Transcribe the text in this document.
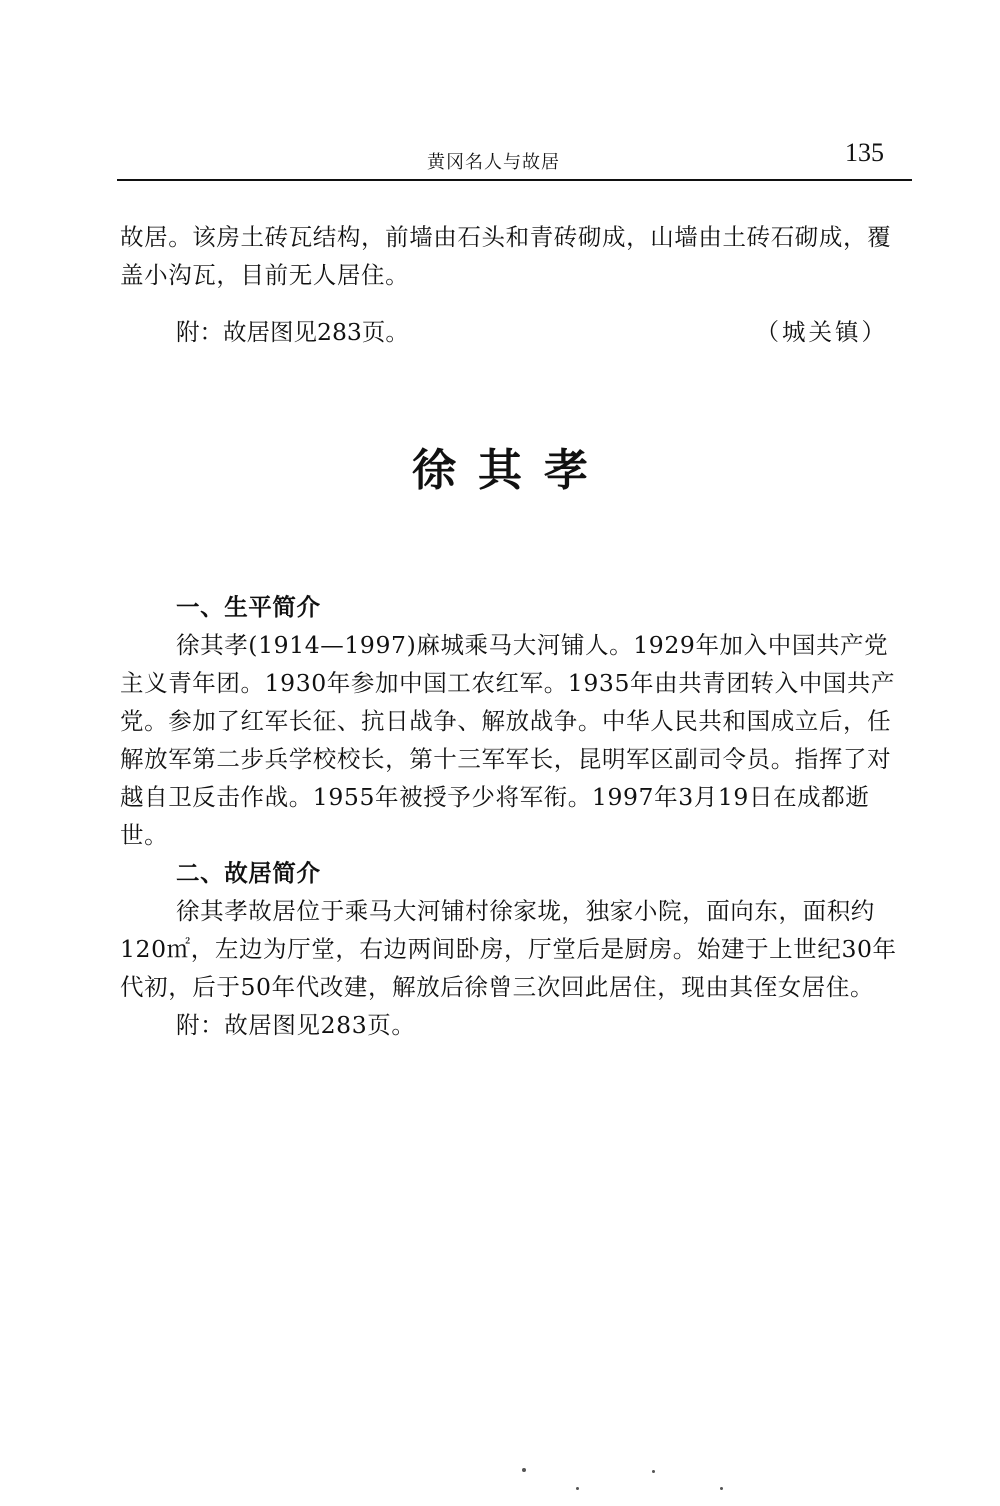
黄冈名人与故居	135

故居。该房土砖瓦结构，前墙由石头和青砖砌成，山墙由土砖石砌成，覆盖小沟瓦，目前无人居住。

附：故居图见283页。	（城关镇）
徐其孝

一、生平简介

徐其孝(1914—1997)麻城乘马大河铺人。1929年加入中国共产党主义青年团。1930年参加中国工农红军。1935年由共青团转入中国共产党。参加了红军长征、抗日战争、解放战争。中华人民共和国成立后，任解放军第二步兵学校校长，第十三军军长，昆明军区副司令员。指挥了对越自卫反击作战。1955年被授予少将军衔。1997年3月19日在成都逝世。

二、故居简介

徐其孝故居位于乘马大河铺村徐家垅，独家小院，面向东，面积约120㎡，左边为厅堂，右边两间卧房，厅堂后是厨房。始建于上世纪30年代初，后于50年代改建，解放后徐曾三次回此居住，现由其侄女居住。

附：故居图见283页。
